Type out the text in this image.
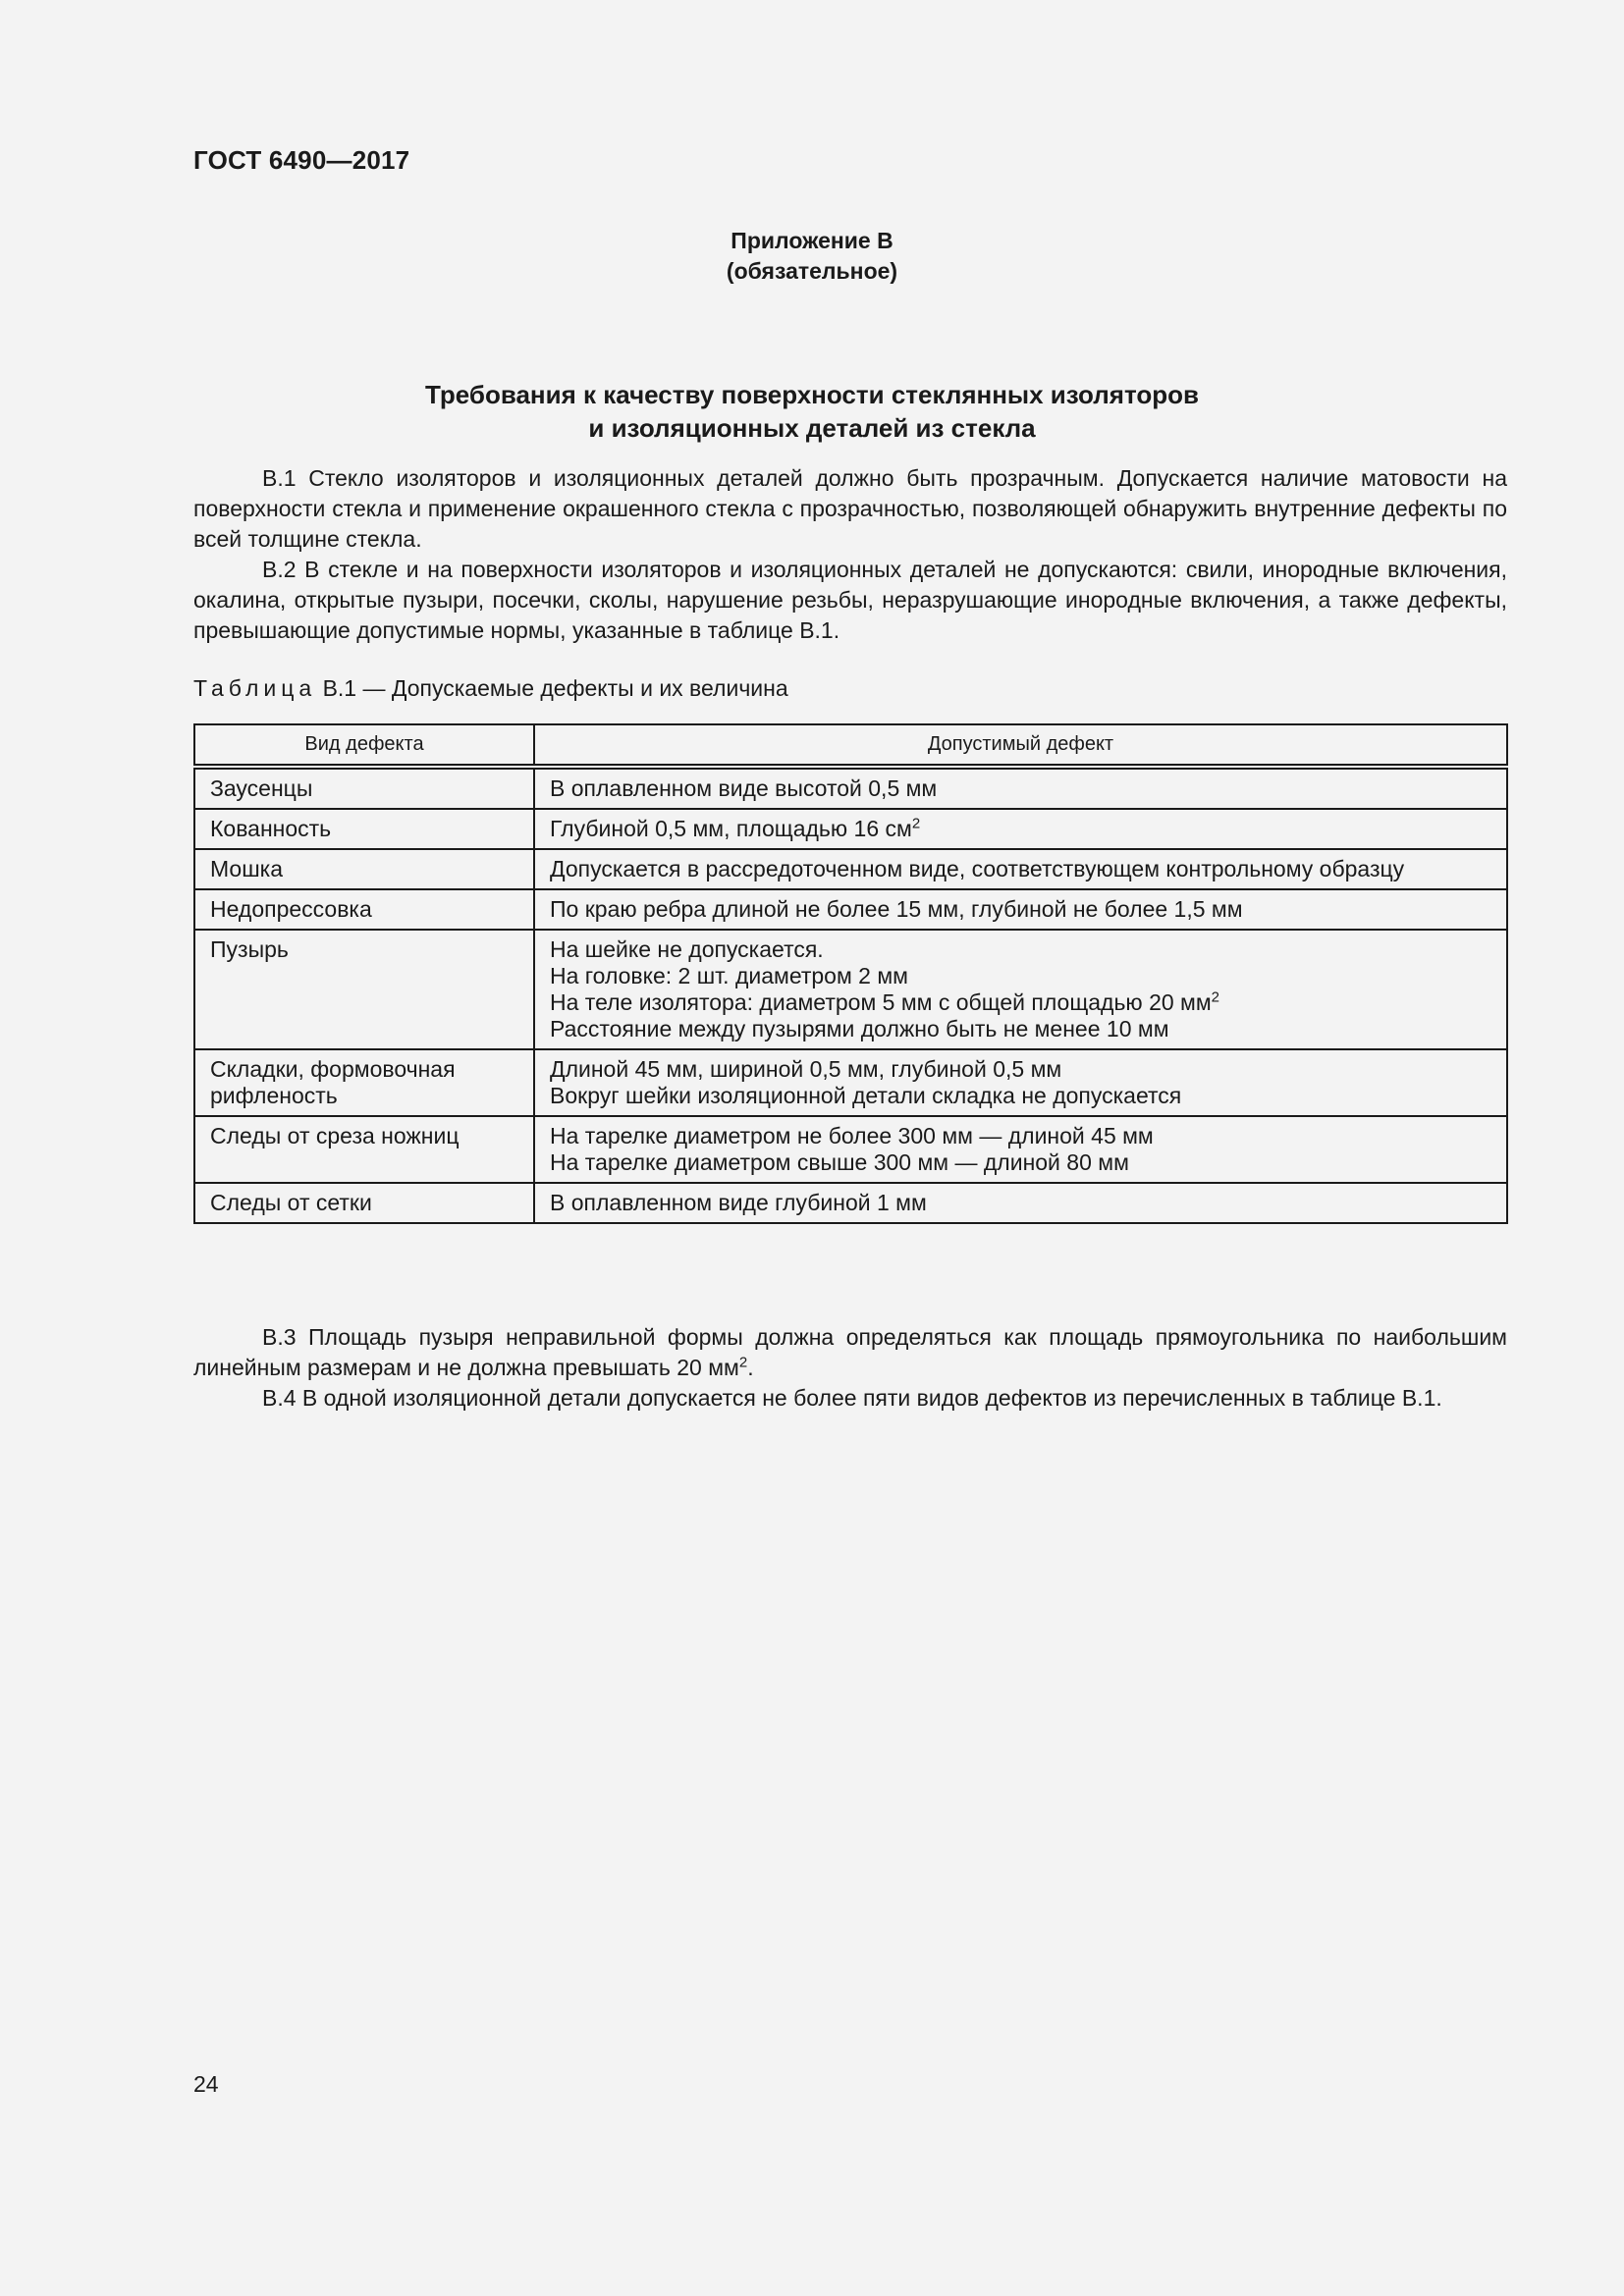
ГОСТ 6490—2017
Приложение В
(обязательное)
Требования к качеству поверхности стеклянных изоляторов
и изоляционных деталей из стекла
В.1 Стекло изоляторов и изоляционных деталей должно быть прозрачным. Допускается наличие матовости на поверхности стекла и применение окрашенного стекла с прозрачностью, позволяющей обнаружить внутренние дефекты по всей толщине стекла.
В.2 В стекле и на поверхности изоляторов и изоляционных деталей не допускаются: свили, инородные включения, окалина, открытые пузыри, посечки, сколы, нарушение резьбы, неразрушающие инородные включения, а также дефекты, превышающие допустимые нормы, указанные в таблице В.1.
Таблица В.1 — Допускаемые дефекты и их величина
Вид дефекта	Допустимый дефект
Заусенцы	В оплавленном виде высотой 0,5 мм
Кованность	Глубиной 0,5 мм, площадью 16 $см^2$
Мошка	Допускается в рассредоточенном виде, соответствующем контрольному образцу
Недопрессовка	По краю ребра длиной не более 15 мм, глубиной не более 1,5 мм
Пузырь	На шейке не допускается.
На головке: 2 шт. диаметром 2 мм
На теле изолятора: диаметром 5 мм с общей площадью 20 $мм^2$
Расстояние между пузырями должно быть не менее 10 мм

Складки, формовочная рифленость	Длиной 45 мм, шириной 0,5 мм, глубиной 0,5 мм
Вокруг шейки изоляционной детали складка не допускается

Следы от среза ножниц	На тарелке диаметром не более 300 мм — длиной 45 мм
На тарелке диаметром свыше 300 мм — длиной 80 мм

Следы от сетки	В оплавленном виде глубиной 1 мм
В.3 Площадь пузыря неправильной формы должна определяться как площадь прямоугольника по наибольшим линейным размерам и не должна превышать 20 $мм^2$.
В.4 В одной изоляционной детали допускается не более пяти видов дефектов из перечисленных в таблице В.1.
24
